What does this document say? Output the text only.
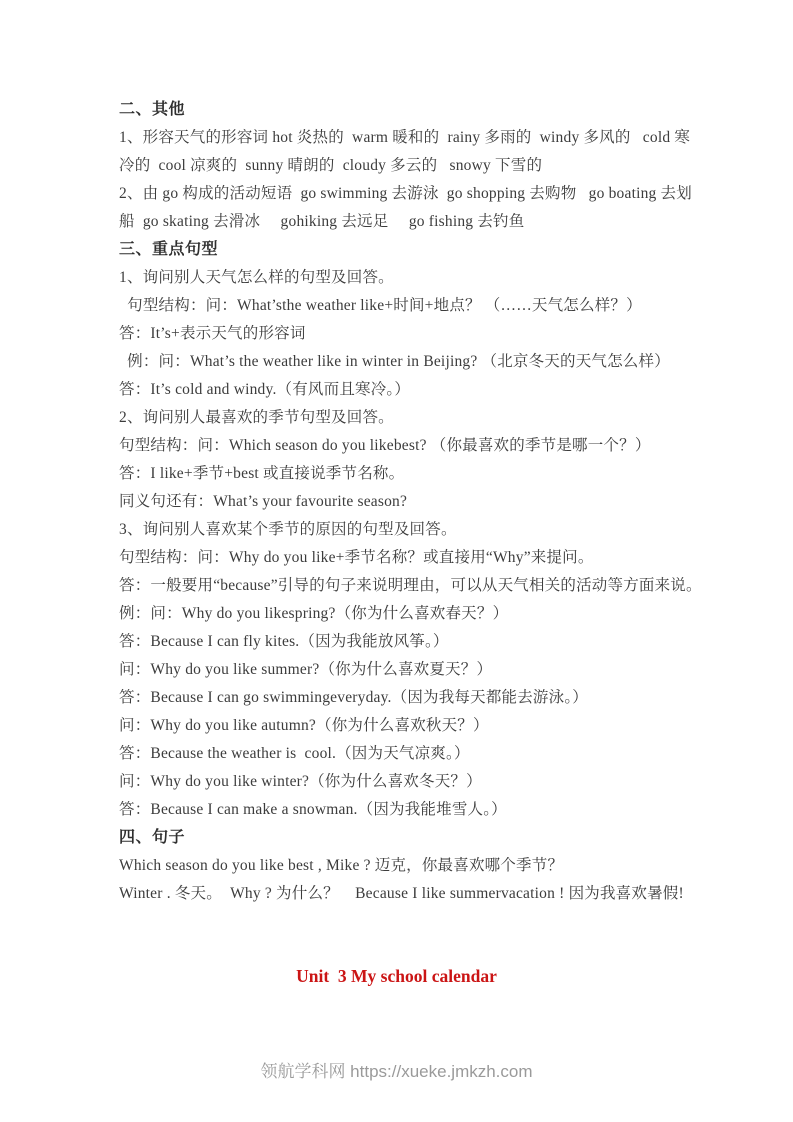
二、其他
1、形容天气的形容词 hot 炎热的  warm 暖和的  rainy 多雨的  windy 多风的   cold 寒
冷的  cool 凉爽的  sunny 晴朗的  cloudy 多云的   snowy 下雪的
2、由 go 构成的活动短语  go swimming 去游泳  go shopping 去购物   go boating 去划
船  go skating 去滑冰     gohiking 去远足     go fishing 去钓鱼
三、重点句型
1、询问别人天气怎么样的句型及回答。
句型结构：问：What’sthe weather like+时间+地点？ （……天气怎么样？）
答：It’s+表示天气的形容词
例：问：What’s the weather like in winter in Beijing? （北京冬天的天气怎么样）
答：It’s cold and windy.（有风而且寒冷。）
2、询问别人最喜欢的季节句型及回答。
句型结构：问：Which season do you likebest? （你最喜欢的季节是哪一个？）
答：I like+季节+best 或直接说季节名称。
同义句还有：What’s your favourite season?
3、询问别人喜欢某个季节的原因的句型及回答。
句型结构：问：Why do you like+季节名称？或直接用“Why”来提问。
答：一般要用“because”引导的句子来说明理由，可以从天气相关的活动等方面来说。
例：问：Why do you likespring?（你为什么喜欢春天？）
答：Because I can fly kites.（因为我能放风筝。）
问：Why do you like summer?（你为什么喜欢夏天？）
答：Because I can go swimmingeveryday.（因为我每天都能去游泳。）
问：Why do you like autumn?（你为什么喜欢秋天？）
答：Because the weather is  cool.（因为天气凉爽。）
问：Why do you like winter?（你为什么喜欢冬天？）
答：Because I can make a snowman.（因为我能堆雪人。）
四、句子
Which season do you like best , Mike ? 迈克，你最喜欢哪个季节？
Winter . 冬天。  Why ? 为什么？    Because I like summervacation ! 因为我喜欢暑假!
Unit  3 My school calendar
领航学科网 https://xueke.jmkzh.com
